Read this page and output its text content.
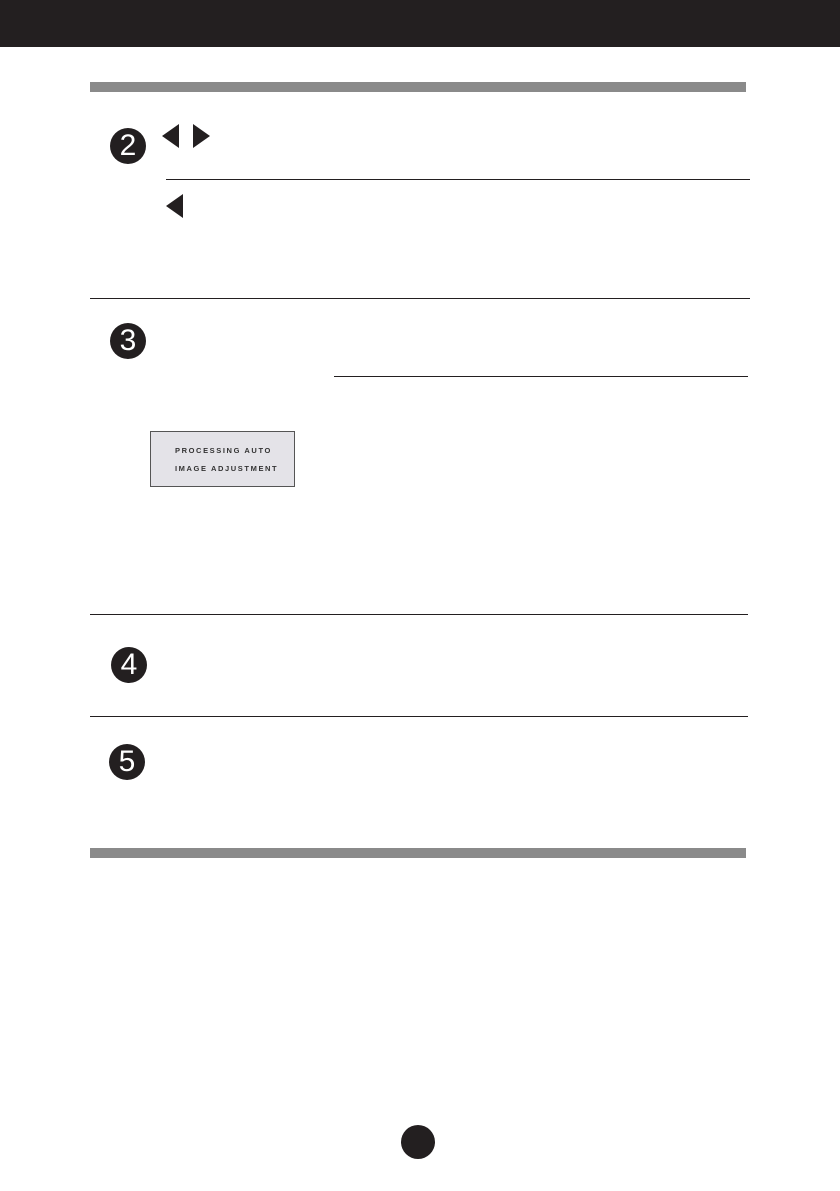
2
3
PROCESSING AUTO
IMAGE ADJUSTMENT
4
5
